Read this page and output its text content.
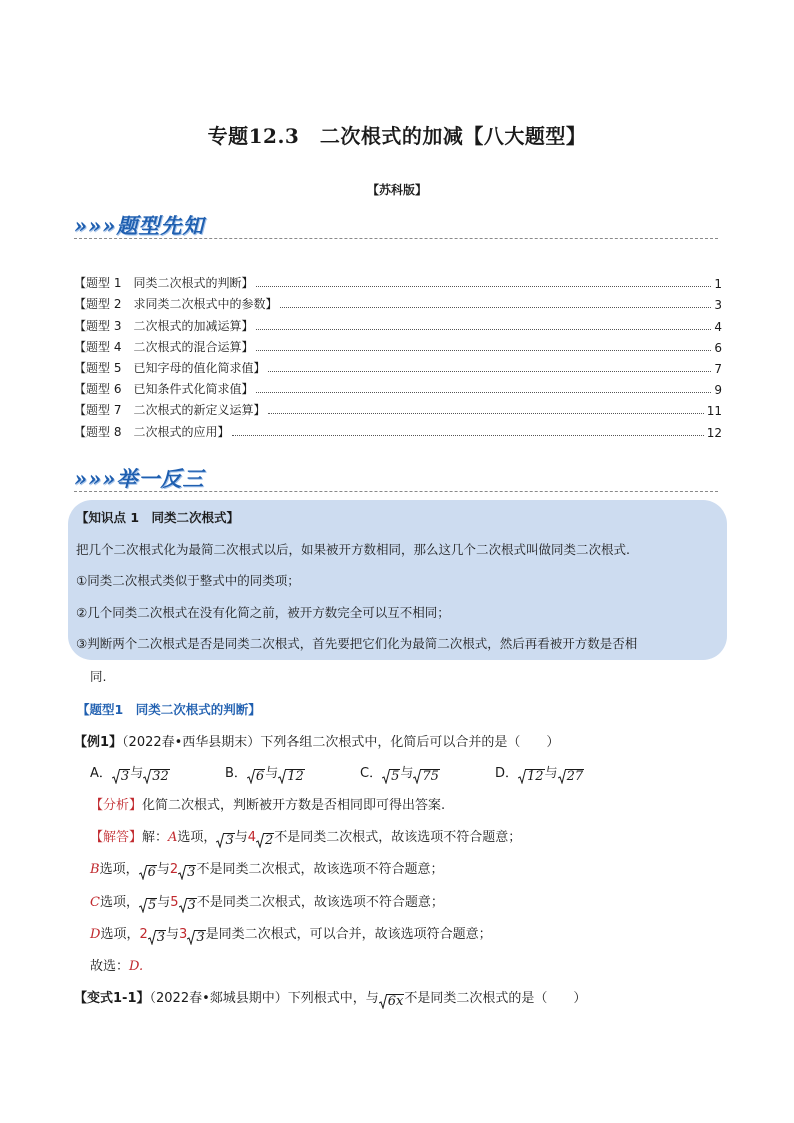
专题12.3　二次根式的加减【八大题型】
【苏科版】
»»»题型先知
【题型 1　同类二次根式的判断】	1
【题型 2　求同类二次根式中的参数】	3
【题型 3　二次根式的加减运算】	4
【题型 4　二次根式的混合运算】	6
【题型 5　已知字母的值化简求值】	7
【题型 6　已知条件式化简求值】	9
【题型 7　二次根式的新定义运算】	11
【题型 8　二次根式的应用】	12
»»»举一反三
【知识点 1　同类二次根式】
把几个二次根式化为最简二次根式以后，如果被开方数相同，那么这几个二次根式叫做同类二次根式.
①同类二次根式类似于整式中的同类项；
②几个同类二次根式在没有化简之前，被开方数完全可以互不相同；
③判断两个二次根式是否是同类二次根式，首先要把它们化为最简二次根式，然后再看被开方数是否相
同.
【题型1　同类二次根式的判断】
【例1】（2022春•西华县期末）下列各组二次根式中，化简后可以合并的是（　　）
A． 3与 32	B． 6与 12	C． 5与 75	D． 12与 27
【分析】化简二次根式，判断被开方数是否相同即可得出答案.
【解答】解：A选项， 3与4 2不是同类二次根式，故该选项不符合题意；
B选项， 6与2 3不是同类二次根式，故该选项不符合题意；
C选项， 5与5 3不是同类二次根式，故该选项不符合题意；
D选项，2 3与3 3是同类二次根式，可以合并，故该选项符合题意；
故选：D.
【变式1-1】（2022春•郯城县期中）下列根式中，与 6x不是同类二次根式的是（　　）
